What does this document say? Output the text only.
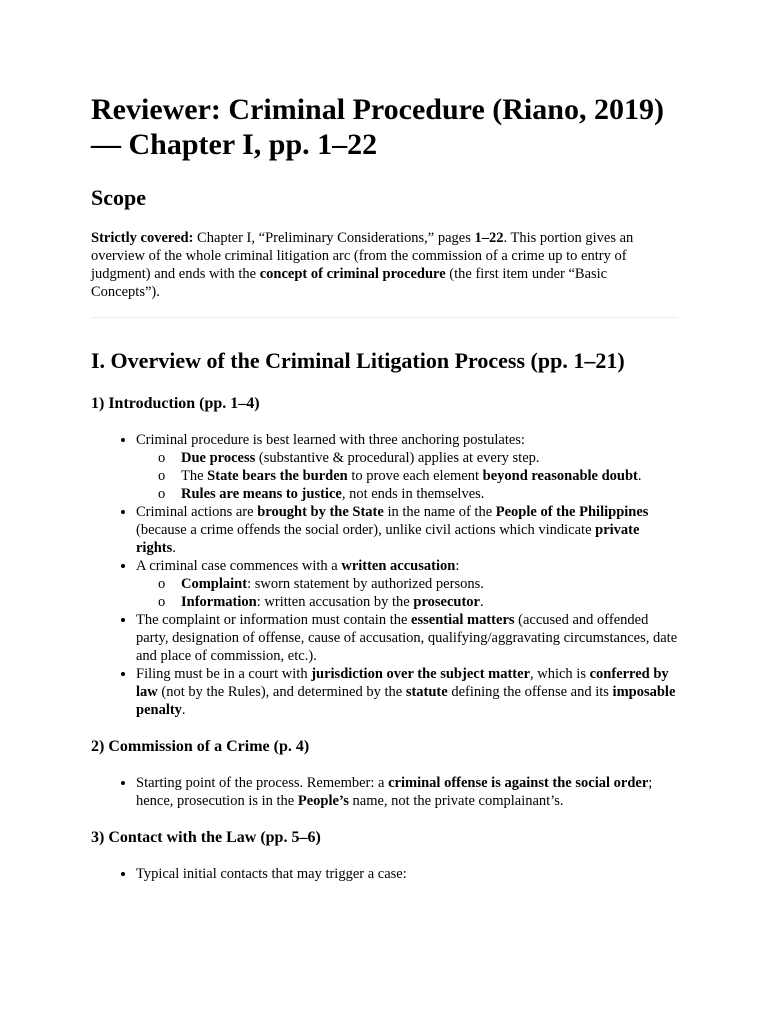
Reviewer: Criminal Procedure (Riano, 2019) — Chapter I, pp. 1–22
Scope

Strictly covered: Chapter I, “Preliminary Considerations,” pages 1–22. This portion gives an overview of the whole criminal litigation arc (from the commission of a crime up to entry of judgment) and ends with the concept of criminal procedure (the first item under “Basic Concepts”).

I. Overview of the Criminal Litigation Process (pp. 1–21)
1) Introduction (pp. 1–4)
• Criminal procedure is best learned with three anchoring postulates:
o Due process (substantive & procedural) applies at every step.
o The State bears the burden to prove each element beyond reasonable doubt.
o Rules are means to justice, not ends in themselves.
• Criminal actions are brought by the State in the name of the People of the Philippines (because a crime offends the social order), unlike civil actions which vindicate private rights.
• A criminal case commences with a written accusation:
o Complaint: sworn statement by authorized persons.
o Information: written accusation by the prosecutor.
• The complaint or information must contain the essential matters (accused and offended party, designation of offense, cause of accusation, qualifying/aggravating circumstances, date and place of commission, etc.).
• Filing must be in a court with jurisdiction over the subject matter, which is conferred by law (not by the Rules), and determined by the statute defining the offense and its imposable penalty.
2) Commission of a Crime (p. 4)
• Starting point of the process. Remember: a criminal offense is against the social order; hence, prosecution is in the People’s name, not the private complainant’s.
3) Contact with the Law (pp. 5–6)
• Typical initial contacts that may trigger a case:
